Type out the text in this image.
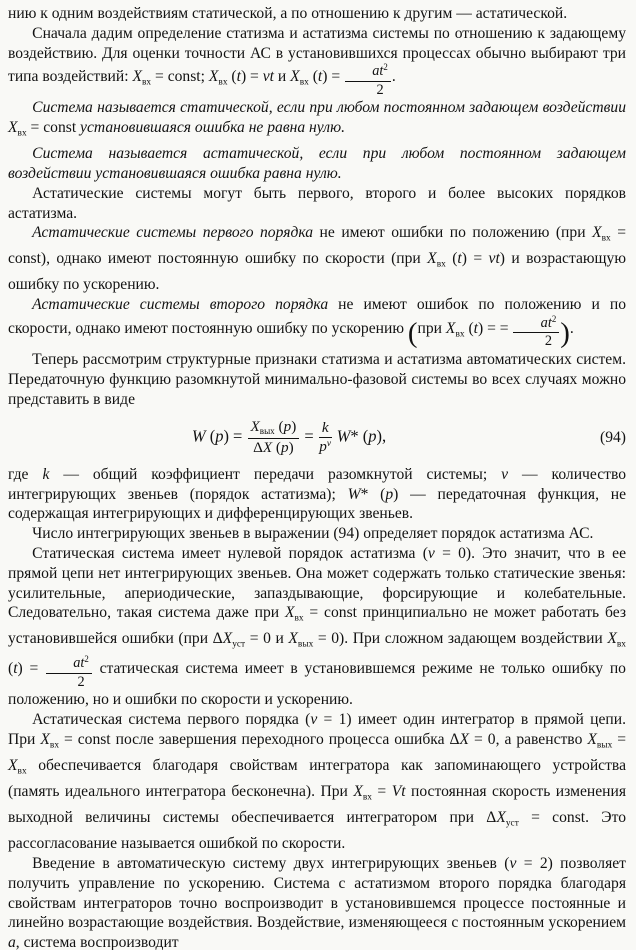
нию к одним воздействиям статической, а по отношению к другим — астатической.

Сначала дадим определение статизма и астатизма системы по отношению к задающему воздействию. Для оценки точности АС в установившихся процессах обычно выбирают три типа воздействий: $X_{вх}$ = const; $X_{вх}$ (t) = vt и $X_{вх}$ $(t) = \frac{at^2}{2}$ .

Система называется статической, если при любом постоянном задающем воздействии $X_{вх}$ = const установившаяся ошибка не равна нулю.

Система называется астатической, если при любом постоянном задающем воздействии установившаяся ошибка равна нулю.

Астатические системы могут быть первого, второго и более высоких порядков астатизма.

Астатические системы первого порядка не имеют ошибки по положению (при $X_{вх}$ = const), однако имеют постоянную ошибку по скорости (при $X_{вх}$ (t) = vt) и возрастающую ошибку по ускорению.

Астатические системы второго порядка не имеют ошибок по положению и по скорости, однако имеют постоянную ошибку по ускорению (при $X_{вх}$ (t) = = $\frac{at^2}{2}$ ).

Теперь рассмотрим структурные признаки статизма и астатизма автоматических систем. Передаточную функцию разомкнутой минимально-фазовой системы во всех случаях можно представить в виде

W $(p) = \frac{X_{вых} (p)}{\Delta X (p)} = \frac{k}{p^\nu} W*$ (p),	(94)

где k — общий коэффициент передачи разомкнутой системы; ν — количество интегрирующих звеньев (порядок астатизма); W* (p) — передаточная функция, не содержащая интегрирующих и дифференцирующих звеньев.

Число интегрирующих звеньев в выражении (94) определяет порядок астатизма АС.

Статическая система имеет нулевой порядок астатизма (ν = 0). Это значит, что в ее прямой цепи нет интегрирующих звеньев. Она может содержать только статические звенья: усилительные, апериодические, запаздывающие, форсирующие и колебательные. Следовательно, такая система даже при $X_{вх}$ = const принципиально не может работать без установившейся ошибки (при $\Delta X_{уст} = 0$ и $X_{вых} = 0$). При сложном задающем воздействии $X_{вх}$ $(t) = \frac{at^2}{2}$ статическая система имеет в установившемся режиме не только ошибку по положению, но и ошибки по скорости и ускорению.

Астатическая система первого порядка (ν = 1) имеет один интегратор в прямой цепи. При $X_{вх}$ = const после завершения переходного процесса ошибка ΔX = 0, а равенство $X_{вых} = X_{вх}$ обеспечивается благодаря свойствам интегратора как запоминающего устройства (память идеального интегратора бесконечна). При $X_{вх} = Vt$ постоянная скорость изменения выходной величины системы обеспечивается интегратором при $\Delta X_{уст}$ = const. Это рассогласование называется ошибкой по скорости.

Введение в автоматическую систему двух интегрирующих звеньев (ν = 2) позволяет получить управление по ускорению. Система с астатизмом второго порядка благодаря свойствам интеграторов точно воспроизводит в установившемся процессе постоянные и линейно возрастающие воздействия. Воздействие, изменяющееся с постоянным ускорением a, система воспроизводит
